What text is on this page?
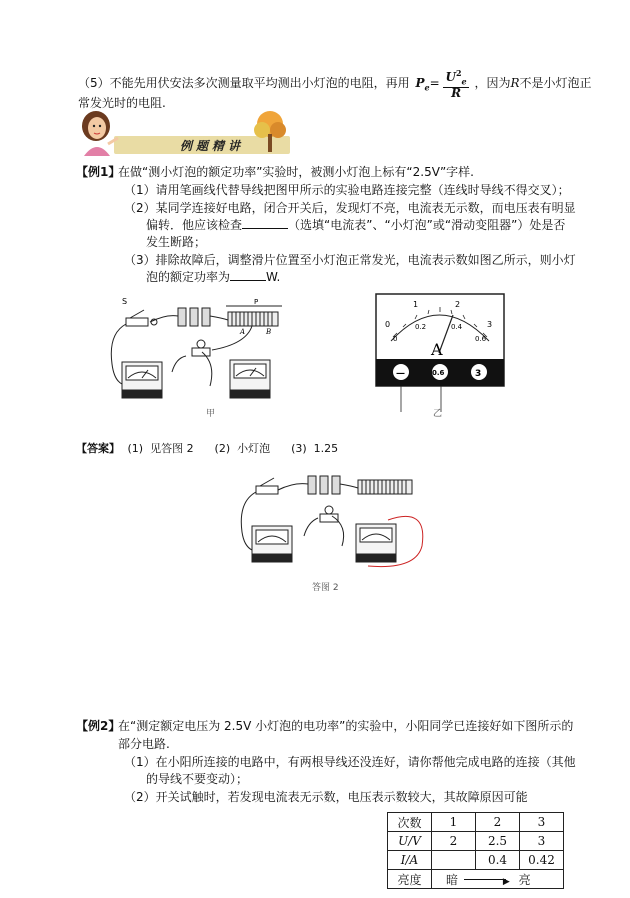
（5）不能先用伏安法多次测量取平均测出小灯泡的电阻，再用 $P_e= \frac{U^2_e}{R}$ ，因为R不是小灯泡正
常发光时的电阻.
例题精讲
【例1】
在做“测小灯泡的额定功率”实验时，被测小灯泡上标有“2.5V”字样.
（1）请用笔画线代替导线把图甲所示的实验电路连接完整（连线时导线不得交叉）；
（2）某同学连接好电路，闭合开关后，发现灯不亮，电流表无示数，而电压表有明显
偏转．他应该检查	（选填“电流表”、“小灯泡”或“滑动变阻器”）处是否
发生断路；
（3）排除故障后，调整滑片位置至小灯泡正常发光，电流表示数如图乙所示，则小灯
泡的额定功率为	W.
S	P
A	B
甲
1	2
0	3
0.2	0.4
0	0.6
A
—	0.6	3
乙
【答案】 (1)  见答图 2      (2)  小灯泡      (3)  1.25
答图 2
【例2】
在“测定额定电压为 2.5V 小灯泡的电功率”的实验中，小阳同学已连接好如下图所示的
部分电路.
（1）在小阳所连接的电路中，有两根导线还没连好，请你帮他完成电路的连接（其他
的导线不要变动）；
（2）开关试触时，若发现电流表无示数，电压表示数较大，其故障原因可能
次数	1	2	3
U/V	2	2.5	3
I/A		0.4	0.42
亮度	暗 ▶ 亮		
